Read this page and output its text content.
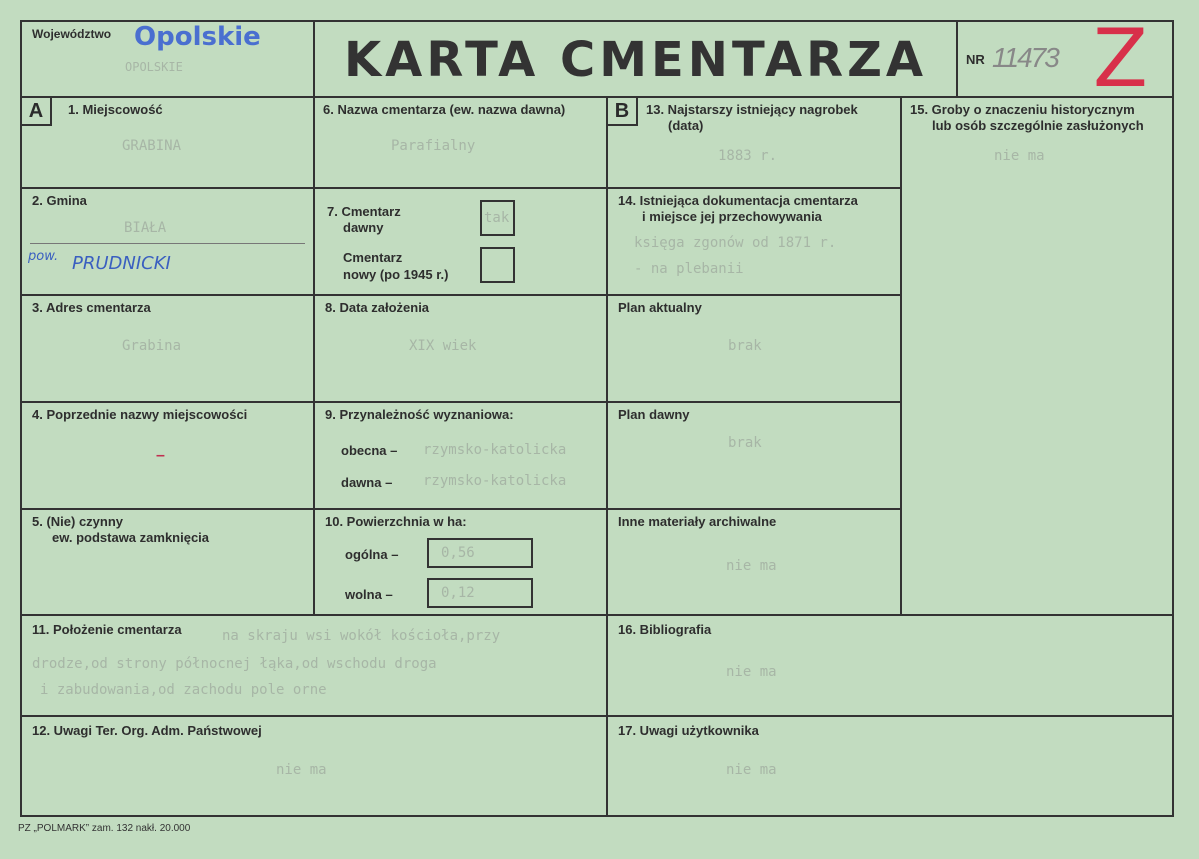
Województwo Opolskie
OPOLSKIE	KARTA CMENTARZA	NR 11473 Z
A	1. Miejscowość
GRABINA
2. Gmina
BIAŁA
pow. PRUDNICKI
3. Adres cmentarza
Grabina
4. Poprzednie nazwy miejscowości
–
5. (Nie) czynny
ew. podstawa zamknięcia
6. Nazwa cmentarza (ew. nazwa dawna)
Parafialny
7. Cmentarz
dawny
tak
Cmentarz
nowy (po 1945 r.)
8. Data założenia
XIX wiek
9. Przynależność wyznaniowa:
obecna – rzymsko-katolicka
dawna – rzymsko-katolicka
10. Powierzchnia w ha:
ogólna –	0,56
wolna –	0,12
B	13. Najstarszy istniejący nagrobek
(data)
1883 r.
14. Istniejąca dokumentacja cmentarza
i miejsce jej przechowywania
księga zgonów od 1871 r.
- na plebanii
Plan aktualny
brak
Plan dawny
brak
Inne materiały archiwalne
nie ma
15. Groby o znaczeniu historycznym
lub osób szczególnie zasłużonych
nie ma
11. Położenie cmentarza	na skraju wsi wokół kościoła,przy
drodze,od strony północnej łąka,od wschodu droga
i zabudowania,od zachodu pole orne
16. Bibliografia
nie ma
12. Uwagi Ter. Org. Adm. Państwowej
nie ma
17. Uwagi użytkownika
nie ma
PZ „POLMARK” zam. 132 nakł. 20.000
